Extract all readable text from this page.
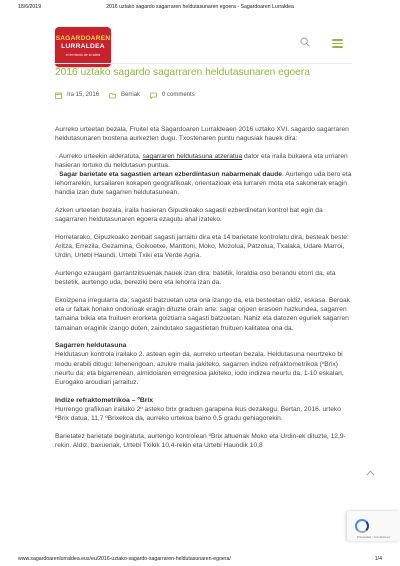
18/6/2019	2016 uztako sagardo sagarraren heldutasunaren egoera - Sagardoaren Lurraldea
SAGARDOAREN
LURRALDEA
el territorio de la sidra
2016 uztako sagardo sagarraren heldutasunaren egoera
Ira 15, 2016	Berriak	0 comments

Aurreko urteetan bezala, Fruitel eta Sagardoaren Lurraldeaen 2016 uztako XVI. sagardo sagarraren heldutasunaren txostena aurkezten dugu. Txostenaren puntu nagusiak hauek dira:

· Aurreko urteekin alderatuta, sagarraren heldutasuna atzeratua dator eta iraila bukaera eta urriaren hasieran lortuko du heldutasun puntua.
· Sagar barietate eta sagastien artean ezberdintasun nabarmenak daude. Aurtengo uda bero eta lehorrarekin, lursailaren kokapen geografikoak, orientazioak eta lurraren mota eta sakonerak eragin handia izan dute sagarren heldutasunean.

Azken urteetan bezala, iraila hasieran Gipuzkoako sagasti ezberdinetan kontrol bat egin da sagarraren heldutasunaren egoera ezagutu ahal izateko.

Horretarako, Gipuzkoako zenbait sagasti jarraitu dira eta 14 barietate kontrolatu dira, besteak beste: Aritza, Errezila, Gezamina, Goikoetxe, Manttoni, Moko, Mozolua, Patzolua, Txalaka, Udare Marroi, Urdin, Urtebi Haundi, Urtebi Txiki eta Verde Agria.

Aurtengo ezaugarri garrantzitsuenak hauek izan dira: batetik, loraldia oso berandu etorri da, eta bestetik, aurtengo uda, bereziki bero eta lehorra izan da.

Ekoizpena irregularra da; sagasti batzuetan uzta ona izango da, eta besteetan oldiz, eskasa. Beroak eta ur faltak honako ondorioak eragin dituzte orain arte: sagar orjoen erasoen hazkundea, sagarren tamaina txikia eta fruituen erorketa goiztiarra sagasti batzuetan. Nahiz eta datozen eguriek sagarren tamainan eraginik izango duten, zaindutako sagastietan fruituen kalitatea ona da.

Sagarren heldutasuna

Heldutasun kontrola irailako 2. astean egin da, aurreko urteetan bezala. Heldutasuna neurtzeko bi modu erabili ditugu: lehenengoan, azukre maila jakiteko, sagarren indize refraktometrikoa (ºBrix) neurtu da; eta bigarrenean, almidoiaren erregresioa jakiteko, iodo indizea neurtu da, 1-10 eskalan, Eurogako aroudiari jarraituz.

Indize refraktometrikoa – ºBrix

Hurrengo grafikoan irailako 2º asteko brix graduen garapena ikus dezakegu. Bertan, 2016. urteko ºBrix datua, 11,7 ºBrixekoa da, aurreko urtekoa baino 0,5 gradu gehiagorekin.

Barietatez barietate begiratuta, aurtengo kontrolean ºBrix altuenak Moko eta Urdin-ek dituzte, 12,9-rekin. Aldiz, baxuenak, Urtebi Txikik 10,4-rekin eta Urtebi Haundik 10,8

Privacidad - Condiciones
www.sagardoarenlurraldea.eus/eu/2016-uztako-sagardo-sagarraren-heldutasunaren-egoera/	1/4
